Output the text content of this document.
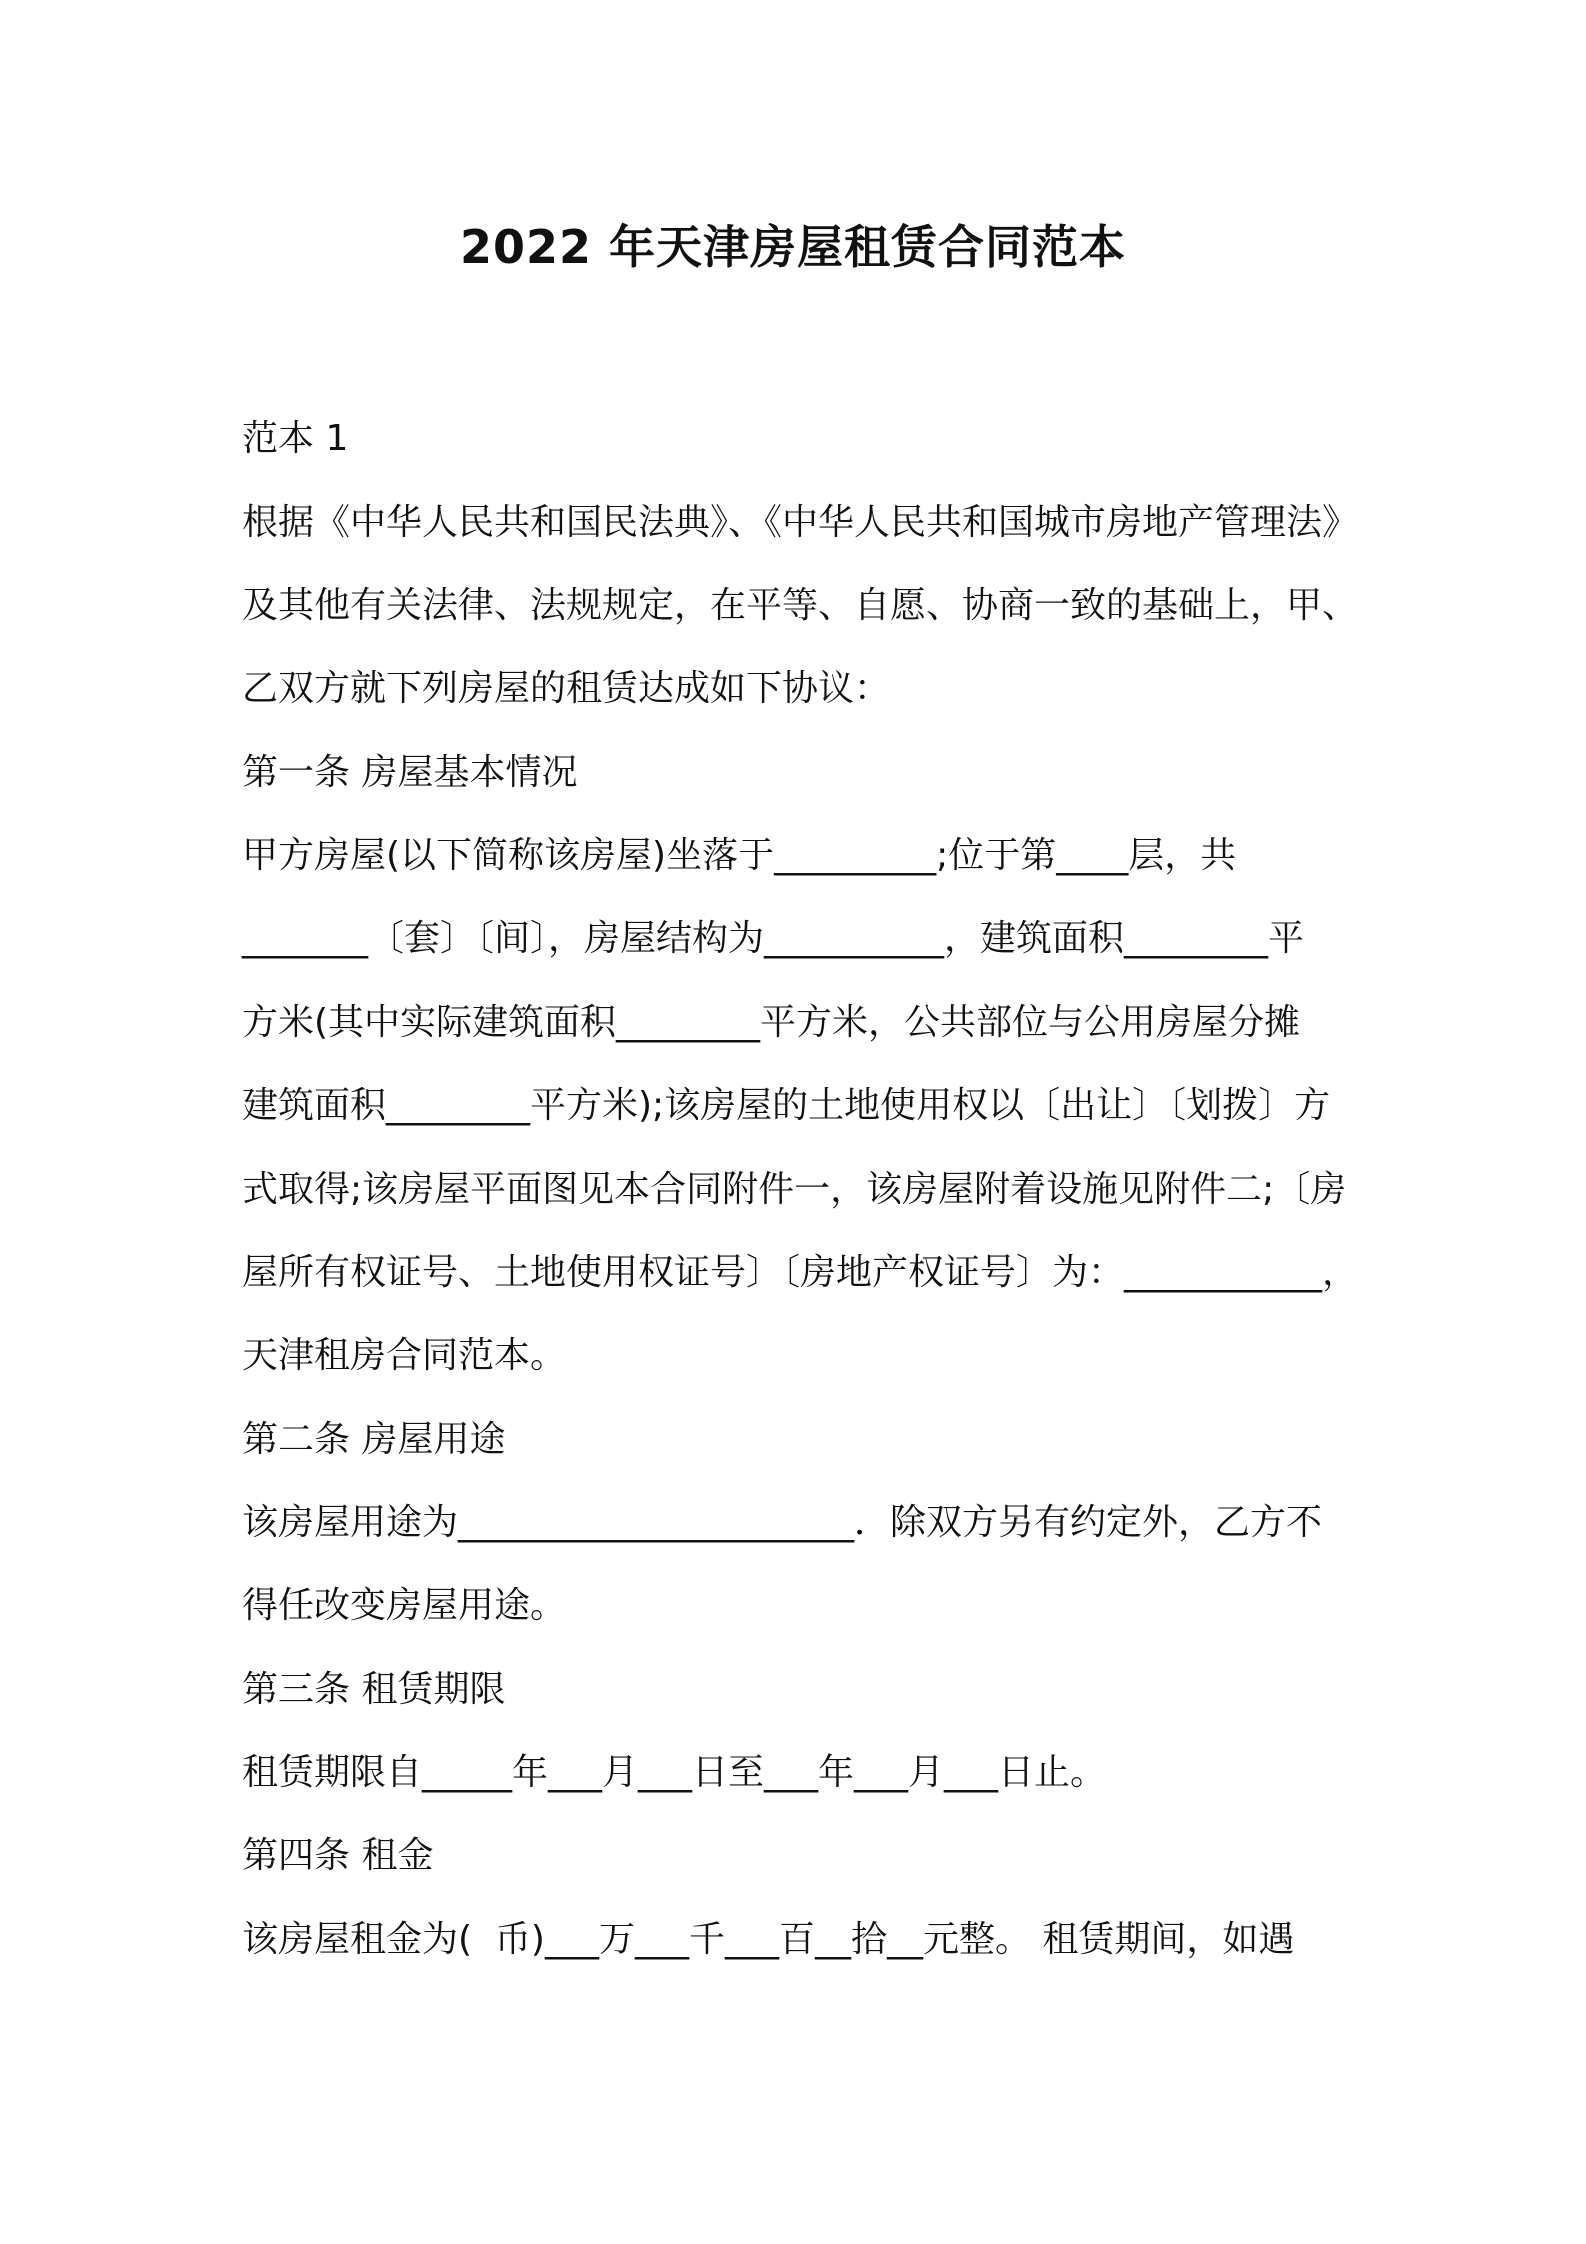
2022 年天津房屋租赁合同范本
范本 1
根据《中华人民共和国民法典》、《中华人民共和国城市房地产管理法》
及其他有关法律、法规规定，在平等、自愿、协商一致的基础上，甲、
乙双方就下列房屋的租赁达成如下协议：
第一条 房屋基本情况
甲方房屋(以下简称该房屋)坐落于_________;位于第____层，共
_______〔套〕〔间〕，房屋结构为__________，建筑面积________平
方米(其中实际建筑面积________平方米，公共部位与公用房屋分摊
建筑面积________平方米);该房屋的土地使用权以〔出让〕〔划拨〕方
式取得;该房屋平面图见本合同附件一，该房屋附着设施见附件二;〔房
屋所有权证号、土地使用权证号〕〔房地产权证号〕为：___________，
天津租房合同范本。
第二条 房屋用途
该房屋用途为______________________．除双方另有约定外，乙方不
得任改变房屋用途。
第三条 租赁期限
租赁期限自_____年___月___日至___年___月___日止。
第四条 租金
该房屋租金为(  币)___万___千___百__拾__元整。 租赁期间，如遇
